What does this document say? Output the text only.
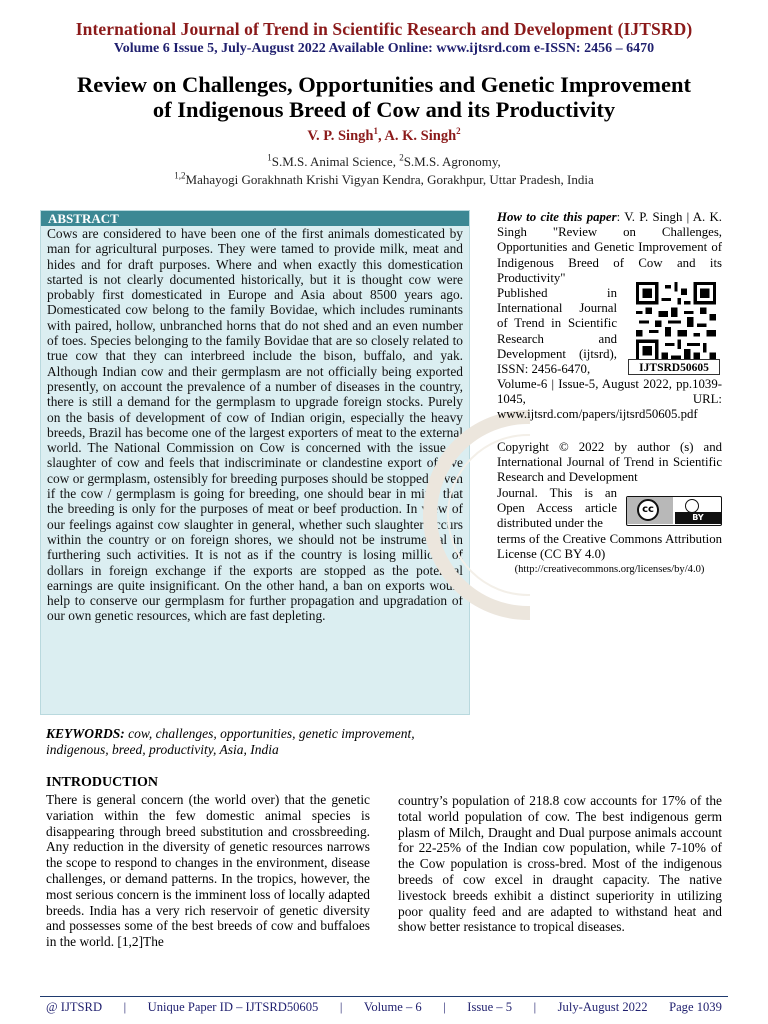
International Journal of Trend in Scientific Research and Development (IJTSRD)
Volume 6 Issue 5, July-August 2022 Available Online: www.ijtsrd.com e-ISSN: 2456 – 6470
Review on Challenges, Opportunities and Genetic Improvement
of Indigenous Breed of Cow and its Productivity
V. P. Singh$^1$, A. K. Singh$^2$
$^1$S.M.S. Animal Science, $^2$S.M.S. Agronomy,
$^{1,2}$Mahayogi Gorakhnath Krishi Vigyan Kendra, Gorakhpur, Uttar Pradesh, India
ABSTRACT
Cows are considered to have been one of the first animals domesticated by man for agricultural purposes. They were tamed to provide milk, meat and hides and for draft purposes. Where and when exactly this domestication started is not clearly documented historically, but it is thought cow were probably first domesticated in Europe and Asia about 8500 years ago. Domesticated cow belong to the family Bovidae, which includes ruminants with paired, hollow, unbranched horns that do not shed and an even number of toes. Species belonging to the family Bovidae that are so closely related to true cow that they can interbreed include the bison, buffalo, and yak. Although Indian cow and their germplasm are not officially being exported presently, on account the prevalence of a number of diseases in the country, there is still a demand for the germplasm to upgrade foreign stocks. Purely on the basis of development of cow of Indian origin, especially the heavy breeds, Brazil has become one of the largest exporters of meat to the external world. The National Commission on Cow is concerned with the issue of slaughter of cow and feels that indiscriminate or clandestine export of live cow or germplasm, ostensibly for breeding purposes should be stopped. Even if the cow / germplasm is going for breeding, one should bear in mind that the breeding is only for the purposes of meat or beef production. In view of our feelings against cow slaughter in general, whether such slaughter occurs within the country or on foreign shores, we should not be instrumental in furthering such activities. It is not as if the country is losing millions of dollars in foreign exchange if the exports are stopped as the potential earnings are quite insignificant. On the other hand, a ban on exports would help to conserve our germplasm for further propagation and upgradation of our own genetic resources, which are fast depleting.
KEYWORDS: cow, challenges, opportunities, genetic improvement, indigenous, breed, productivity, Asia, India
How to cite this paper: V. P. Singh | A. K. Singh "Review on Challenges, Opportunities and Genetic Improvement of Indigenous Breed of Cow and its Productivity"
Published in International Journal of Trend in Scientific Research and Development (ijtsrd), ISSN: 2456-6470,
Volume-6 | Issue-5, August 2022, pp.1039-1045, URL: www.ijtsrd.com/papers/ijtsrd50605.pdf
IJTSRD50605
Copyright © 2022 by author (s) and International Journal of Trend in Scientific Research and Development
Journal. This is an Open Access article distributed under the
cc
BY
terms of the Creative Commons Attribution License (CC BY 4.0)
(http://creativecommons.org/licenses/by/4.0)
INTRODUCTION
There is general concern (the world over) that the genetic variation within the few domestic animal species is disappearing through breed substitution and crossbreeding. Any reduction in the diversity of genetic resources narrows the scope to respond to changes in the environment, disease challenges, or demand patterns. In the tropics, however, the most serious concern is the imminent loss of locally adapted breeds. India has a very rich reservoir of genetic diversity and possesses some of the best breeds of cow and buffaloes in the world. [1,2]The
country’s population of 218.8 cow accounts for 17% of the total world population of cow. The best indigenous germ plasm of Milch, Draught and Dual purpose animals account for 22-25% of the Indian cow population, while 7-10% of the Cow population is cross-bred. Most of the indigenous breeds of cow excel in draught capacity. The native livestock breeds exhibit a distinct superiority in utilizing poor quality feed and are adapted to withstand heat and show better resistance to tropical diseases.
@ IJTSRD | Unique Paper ID – IJTSRD50605 | Volume – 6 | Issue – 5 | July-August 2022 Page 1039
